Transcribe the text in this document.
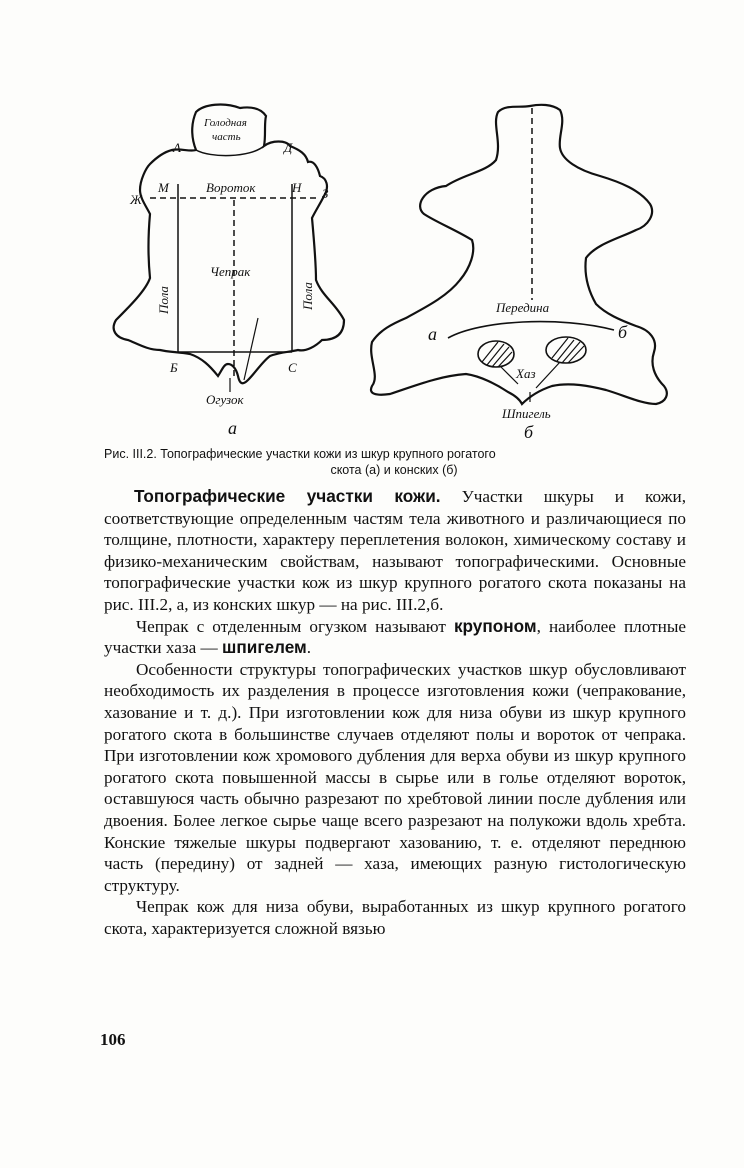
Голодная
часть
А	Д
М	Н
Вороток
Ж	З
Чепрак
Пола	Пола
Б	С
Огузок
а
Передина
а	б
Хаз
Шпигель
б
Рис. III.2. Топографические участки кожи из шкур крупного рогатого
скота (а) и конских (б)

Топографические участки кожи. Участки шкуры и кожи, соответствующие определенным частям тела животного и различающиеся по толщине, плотности, характеру переплетения волокон, химическому составу и физико-механическим свойствам, называют топографическими. Основные топографические участки кож из шкур крупного рогатого скота показаны на рис. III.2, а, из конских шкур — на рис. III.2,б.

Чепрак с отделенным огузком называют крупоном, наиболее плотные участки хаза — шпигелем.

Особенности структуры топографических участков шкур обусловливают необходимость их разделения в процессе изготовления кожи (чепракование, хазование и т. д.). При изготовлении кож для низа обуви из шкур крупного рогатого скота в большинстве случаев отделяют полы и вороток от чепрака. При изготовлении кож хромового дубления для верха обуви из шкур крупного рогатого скота повышенной массы в сырье или в голье отделяют вороток, оставшуюся часть обычно разрезают по хребтовой линии после дубления или двоения. Более легкое сырье чаще всего разрезают на полукожи вдоль хребта. Конские тяжелые шкуры подвергают хазованию, т. е. отделяют переднюю часть (передину) от задней — хаза, имеющих разную гистологическую структуру.

Чепрак кож для низа обуви, выработанных из шкур крупного рогатого скота, характеризуется сложной вязью

106
